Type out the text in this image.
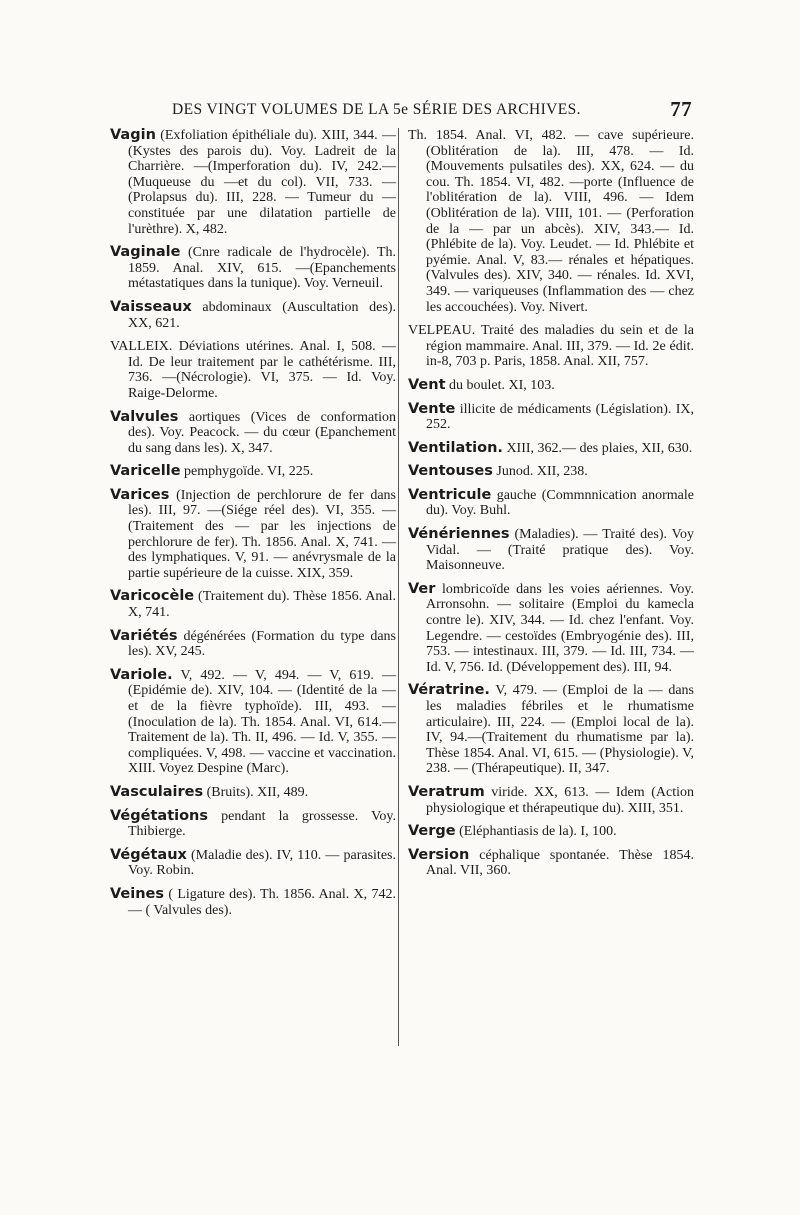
DES VINGT VOLUMES DE LA 5e SÉRIE DES ARCHIVES.	77

Vagin (Exfoliation épithéliale du). XIII, 344. —(Kystes des parois du). Voy. Ladreit de la Charrière. —(Imperforation du). IV, 242.— (Muqueuse du —et du col). VII, 733. — (Prolapsus du). III, 228. — Tumeur du — constituée par une dilatation partielle de l'urèthre). X, 482.

Vaginale (Cnre radicale de l'hydrocèle). Th. 1859. Anal. XIV, 615. —(Epanchements métastatiques dans la tunique). Voy. Verneuil.

Vaisseaux abdominaux (Auscultation des). XX, 621.

VALLEIX. Déviations utérines. Anal. I, 508. — Id. De leur traitement par le cathétérisme. III, 736. —(Nécrologie). VI, 375. — Id. Voy. Raige-Delorme.

Valvules aortiques (Vices de conformation des). Voy. Peacock. — du cœur (Epanchement du sang dans les). X, 347.

Varicelle pemphygoïde. VI, 225.

Varices (Injection de perchlorure de fer dans les). III, 97. —(Siége réel des). VI, 355. — (Traitement des — par les injections de perchlorure de fer). Th. 1856. Anal. X, 741. — des lymphatiques. V, 91. — anévrysmale de la partie supérieure de la cuisse. XIX, 359.

Varicocèle (Traitement du). Thèse 1856. Anal. X, 741.

Variétés dégénérées (Formation du type dans les). XV, 245.

Variole. V, 492. — V, 494. — V, 619. — (Epidémie de). XIV, 104. — (Identité de la — et de la fièvre typhoïde). III, 493. —(Inoculation de la). Th. 1854. Anal. VI, 614.— Traitement de la). Th. II, 496. — Id. V, 355. — compliquées. V, 498. — vaccine et vaccination. XIII. Voyez Despine (Marc).

Vasculaires (Bruits). XII, 489.

Végétations pendant la grossesse. Voy. Thibierge.

Végétaux (Maladie des). IV, 110. — parasites. Voy. Robin.

Veines ( Ligature des). Th. 1856. Anal. X, 742. — ( Valvules des).

Th. 1854. Anal. VI, 482. — cave supérieure. (Oblitération de la). III, 478. — Id. (Mouvements pulsatiles des). XX, 624. — du cou. Th. 1854. VI, 482. —porte (Influence de l'oblitération de la). VIII, 496. — Idem (Oblitération de la). VIII, 101. — (Perforation de la — par un abcès). XIV, 343.— Id. (Phlébite de la). Voy. Leudet. — Id. Phlébite et pyémie. Anal. V, 83.— rénales et hépatiques. (Valvules des). XIV, 340. — rénales. Id. XVI, 349. — variqueuses (Inflammation des — chez les accouchées). Voy. Nivert.

VELPEAU. Traité des maladies du sein et de la région mammaire. Anal. III, 379. — Id. 2e édit. in-8, 703 p. Paris, 1858. Anal. XII, 757.

Vent du boulet. XI, 103.

Vente illicite de médicaments (Législation). IX, 252.

Ventilation. XIII, 362.— des plaies, XII, 630.

Ventouses Junod. XII, 238.

Ventricule gauche (Commnnication anormale du). Voy. Buhl.

Vénériennes (Maladies). — Traité des). Voy Vidal. — (Traité pratique des). Voy. Maisonneuve.

Ver lombricoïde dans les voies aériennes. Voy. Arronsohn. — solitaire (Emploi du kamecla contre le). XIV, 344. — Id. chez l'enfant. Voy. Legendre. — cestoïdes (Embryogénie des). III, 753. — intestinaux. III, 379. — Id. III, 734. — Id. V, 756. Id. (Développement des). III, 94.

Vératrine. V, 479. — (Emploi de la — dans les maladies fébriles et le rhumatisme articulaire). III, 224. — (Emploi local de la). IV, 94.—(Traitement du rhumatisme par la). Thèse 1854. Anal. VI, 615. — (Physiologie). V, 238. — (Thérapeutique). II, 347.

Veratrum viride. XX, 613. — Idem (Action physiologique et thérapeutique du). XIII, 351.

Verge (Eléphantiasis de la). I, 100.

Version céphalique spontanée. Thèse 1854. Anal. VII, 360.
